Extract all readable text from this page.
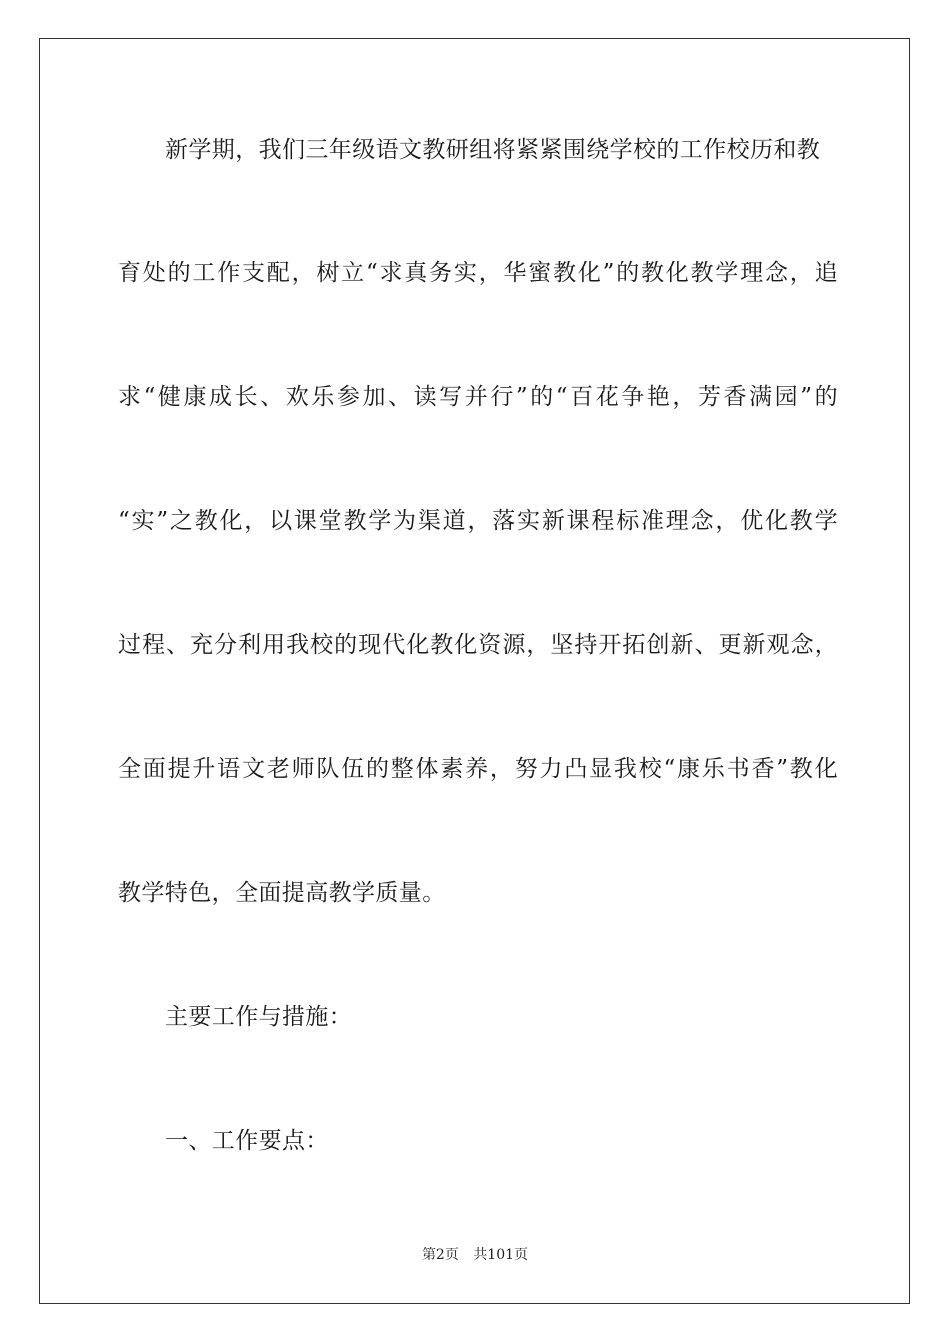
新学期，我们三年级语文教研组将紧紧围绕学校的工作校历和教
育处的工作支配，树立“求真务实，华蜜教化”的教化教学理念，追
求“健康成长、欢乐参加、读写并行”的“百花争艳，芳香满园”的
“实”之教化，以课堂教学为渠道，落实新课程标准理念，优化教学
过程、充分利用我校的现代化教化资源，坚持开拓创新、更新观念，
全面提升语文老师队伍的整体素养，努力凸显我校“康乐书香”教化
教学特色，全面提高教学质量。
主要工作与措施：
一、工作要点：
第2页 共101页
